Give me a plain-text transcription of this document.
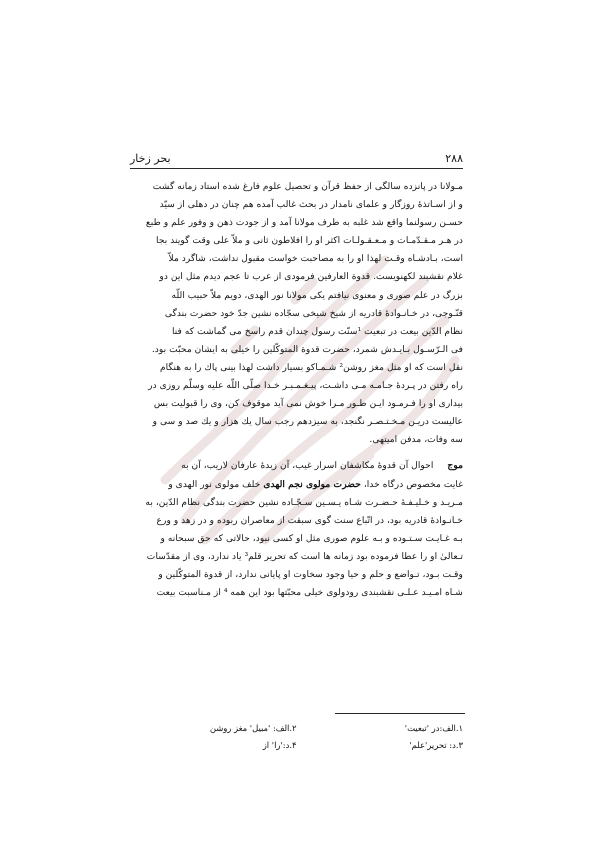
۲۸۸
بحر زخار
مـولانا در پانزده سالگی از حفظ قرآن و تحصیل علوم فارغ شده استاد زمانه گشت
و از اسـاتذهٔ روزگار و علمای نامدار در بحث غالب آمده هم چنان در دهلی از سیّد
حسـن رسولنما واقع شد غلبه به طرف مولانا آمد و از جودت ذهن و وفور علم و طبع
در هـر مـقـدّمـات و مـعـقـولـات اکثر او را افلاطون ثانی و ملاّ علی وقت گویند بجا
است، بـادشـاه وقـت لهذا او را به مصاحبت خواست مقبول نداشت، شاگرد ملاّ
غلام نقشبند لکهنویست. قدوة العارفین فرمودی از عرب تا عجم دیدم مثل این دو
بزرگ در علم صوری و معنوی نیافتم یکی مولانا نور الهدی، دویم ملاّ حبیب اللّه
قنّـوجی، در خـانـوادهٔ قادریه از شیخ شیخی سجّاده نشین جدّ خود حضرت بندگی
نظام الدّین بیعت در تبعیت ¹سنّت رسول چندان قدم راسخ می گماشت که فنا
فی الـرّسـول بـایـدش شمرد، حضرت قدوة المتوکّلین را خیلی به ایشان محبّت بود.
نقل است که او مثل مغز روشن² شـمـاکو بسیار داشت لهذا بینی پاك را به هنگام
راه رفتن در پـردهٔ جـامـه مـی داشـت، پیـغـمـبـر خـدا صلّی اللّه علیه وسلّم روزی در
بیداری او را فـرمـود ایـن طـور مـرا خوش نمی آید موقوف کن، وی را قبولیت بس
عالیست دریـن مـخـتـصـر نگنجد، به سیزدهم رجب سال یك هزار و یك صد و سی و
سه وفات، مدفن امیتهی.
موجاحوال آن قدوهٔ مکاشفان اسرار غیب، آن زبدهٔ عارفان لاریب، آن به
غایت مخصوص درگاه خدا، حضرت مولوی نجم الهدی خلف مولوی نور الهدی و
مـریـد و خـلیـفـهٔ حـضـرت شـاه یـسـین سـجّـاده نشین حضرت بندگی نظام الدّین، به
خـانـوادهٔ قادریه بود، در اتّباع سنت گوی سبقت از معاصران ربوده و در زهد و ورع
بـه غـایـت سـتـوده و بـه علوم صوری مثل او کسی نبود، حالاتی که حق سبحانه و
تـعالیٰ او را عطا فرموده بود زمانه ها است که تحریر قلم³ یاد ندارد، وی از مقدّسات
وقـت بـود، تـواضع و حلم و حیا وجود سخاوت او پایانی ندارد، از قدوة المتوکّلین و
شـاه امـیـد عـلـی نقشبندی رودولوی خیلی محبّتها بود این همه ⁴ از مـناسبت بیعت
۱.الف:در 'تبعیت'
۲.الف: 'مبیل' مغز روشن
۳.د: تحریر'علم'
۴.د:'را' از
